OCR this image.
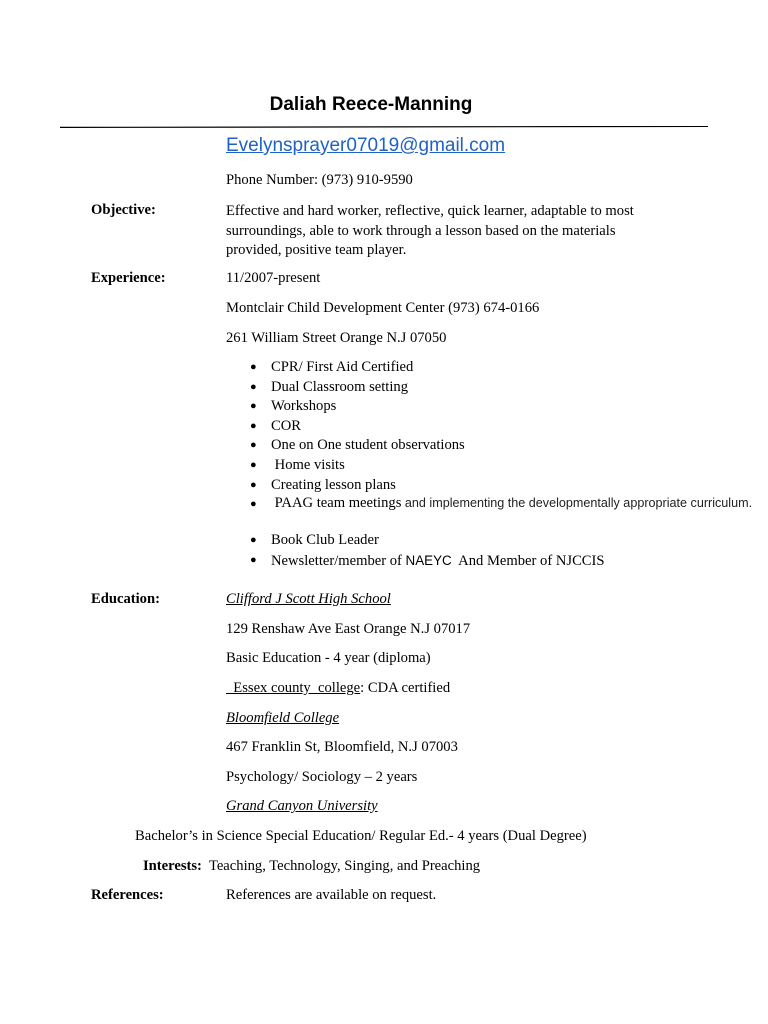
Daliah Reece-Manning
Evelynsprayer07019@gmail.com
Phone Number: (973) 910-9590
Objective:	Effective and hard worker, reflective, quick learner, adaptable to most surroundings, able to work through a lesson based on the materials provided, positive team player.
Experience:	11/2007-present
Montclair Child Development Center (973) 674-0166
261 William Street Orange N.J 07050
● CPR/ First Aid Certified
● Dual Classroom setting
● Workshops
● COR
● One on One student observations
● Home visits
● Creating lesson plans
● PAAG team meetings and implementing the developmentally appropriate curriculum.
● Book Club Leader
● Newsletter/member of NAEYC  And Member of NJCCIS
Education:	Clifford J Scott High School
129 Renshaw Ave East Orange N.J 07017
Basic Education - 4 year (diploma)
Essex county  college: CDA certified
Bloomfield College
467 Franklin St, Bloomfield, N.J 07003
Psychology/ Sociology – 2 years
Grand Canyon University
Bachelor’s in Science Special Education/ Regular Ed.- 4 years (Dual Degree)
Interests:  Teaching, Technology, Singing, and Preaching
References:	References are available on request.
